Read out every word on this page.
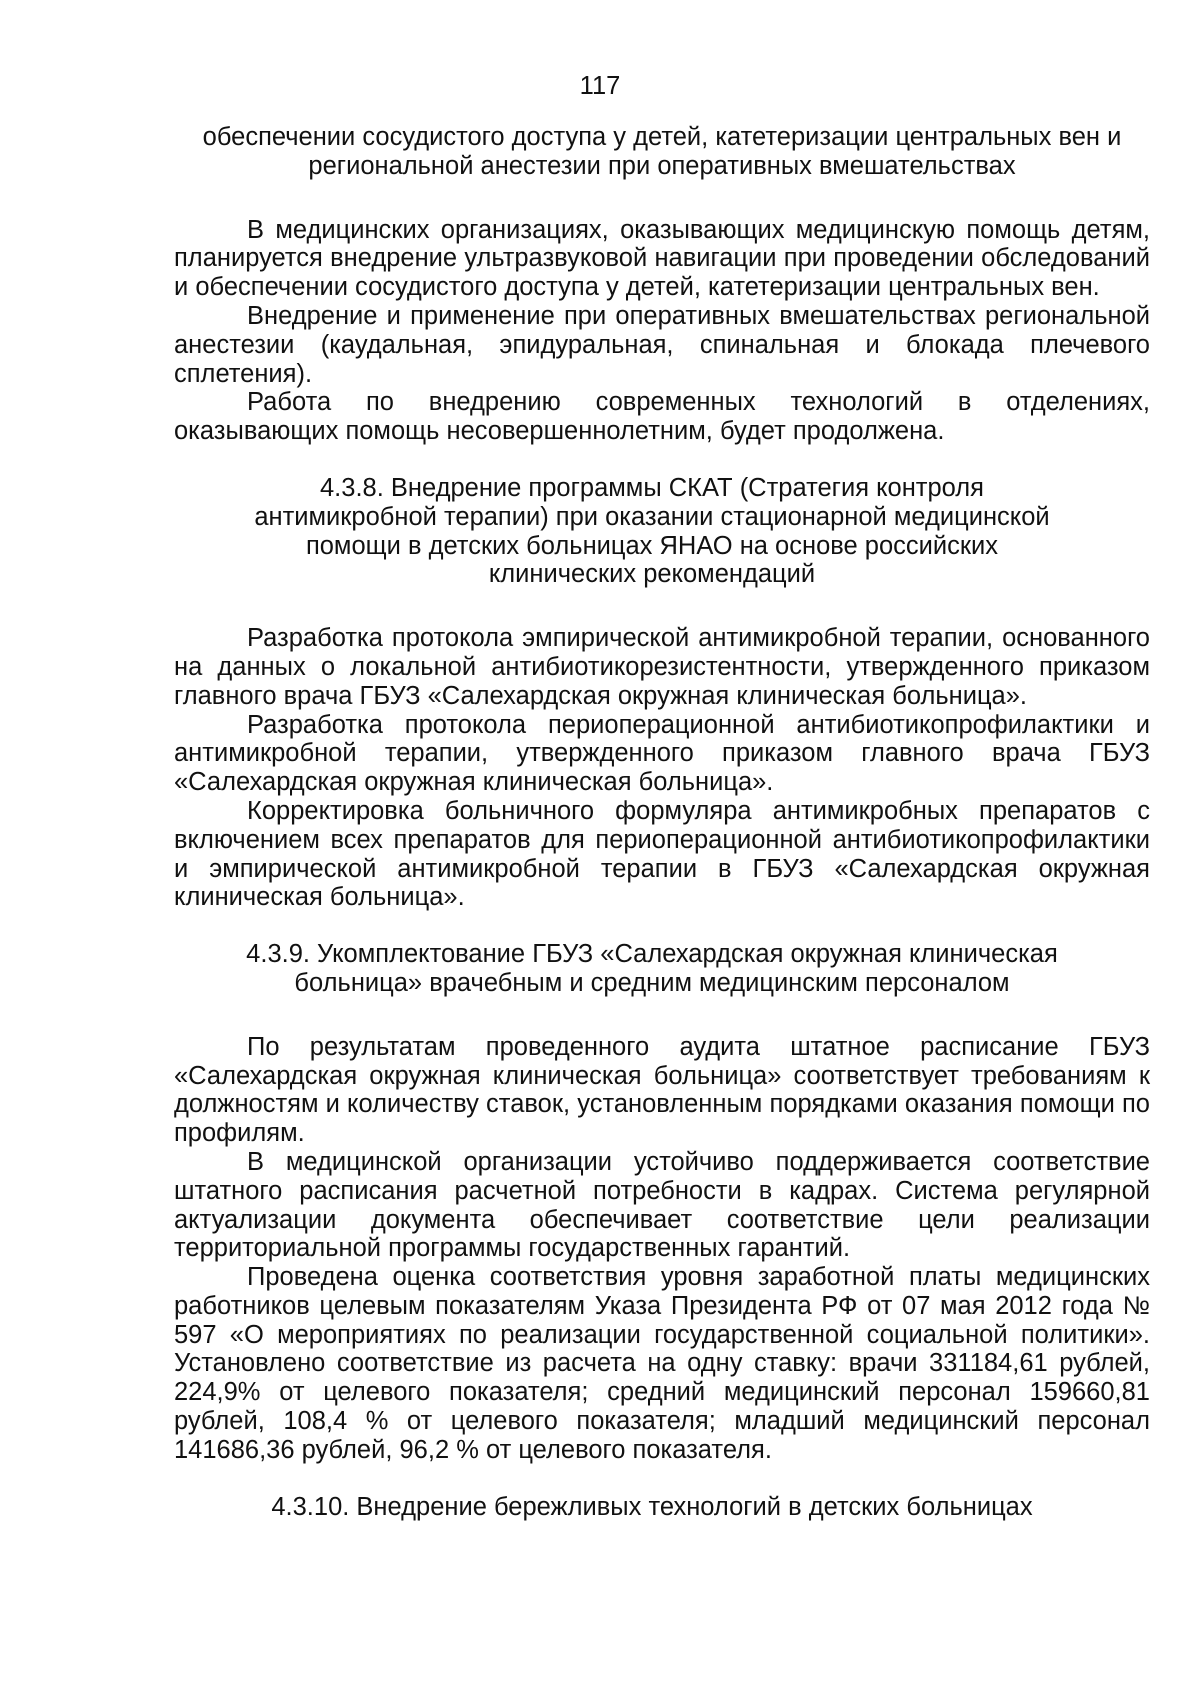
117

обеспечении сосудистого доступа у детей, катетеризации центральных вен и региональной анестезии при оперативных вмешательствах

В медицинских организациях, оказывающих медицинскую помощь детям, планируется внедрение ультразвуковой навигации при проведении обследований и обеспечении сосудистого доступа у детей, катетеризации центральных вен.

Внедрение и применение при оперативных вмешательствах региональной анестезии (каудальная, эпидуральная, спинальная и блокада плечевого сплетения).

Работа по внедрению современных технологий в отделениях, оказывающих помощь несовершеннолетним, будет продолжена.

4.3.8. Внедрение программы СКАТ (Стратегия контроля антимикробной терапии) при оказании стационарной медицинской помощи в детских больницах ЯНАО на основе российских клинических рекомендаций

Разработка протокола эмпирической антимикробной терапии, основанного на данных о локальной антибиотикорезистентности, утвержденного приказом главного врача ГБУЗ «Салехардская окружная клиническая больница».

Разработка протокола периоперационной антибиотикопрофилактики и антимикробной терапии, утвержденного приказом главного врача ГБУЗ «Салехардская окружная клиническая больница».

Корректировка больничного формуляра антимикробных препаратов с включением всех препаратов для периоперационной антибиотикопрофилактики и эмпирической антимикробной терапии в ГБУЗ «Салехардская окружная клиническая больница».

4.3.9. Укомплектование ГБУЗ «Салехардская окружная клиническая больница» врачебным и средним медицинским персоналом

По результатам проведенного аудита штатное расписание ГБУЗ «Салехардская окружная клиническая больница» соответствует требованиям к должностям и количеству ставок, установленным порядками оказания помощи по профилям.

В медицинской организации устойчиво поддерживается соответствие штатного расписания расчетной потребности в кадрах. Система регулярной актуализации документа обеспечивает соответствие цели реализации территориальной программы государственных гарантий.

Проведена оценка соответствия уровня заработной платы медицинских работников целевым показателям Указа Президента РФ от 07 мая 2012 года № 597 «О мероприятиях по реализации государственной социальной политики». Установлено соответствие из расчета на одну ставку: врачи 331184,61 рублей, 224,9% от целевого показателя; средний медицинский персонал 159660,81 рублей, 108,4 % от целевого показателя; младший медицинский персонал 141686,36 рублей, 96,2 % от целевого показателя.

4.3.10. Внедрение бережливых технологий в детских больницах
